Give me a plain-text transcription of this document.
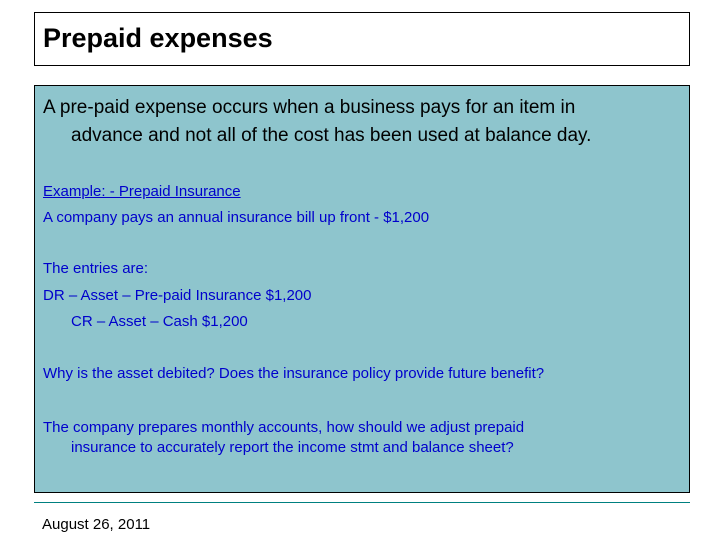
Prepaid expenses
A pre-paid expense occurs when a business pays for an item in
advance and not all of the cost has been used at balance day.
Example: - Prepaid Insurance
A company pays an annual insurance bill up front - $1,200
The entries are:
DR – Asset – Pre-paid Insurance $1,200
CR – Asset – Cash $1,200
Why is the asset debited? Does the insurance policy provide future benefit?
The company prepares monthly accounts, how should we adjust prepaid
insurance to accurately report the income stmt and balance sheet?
August 26, 2011
